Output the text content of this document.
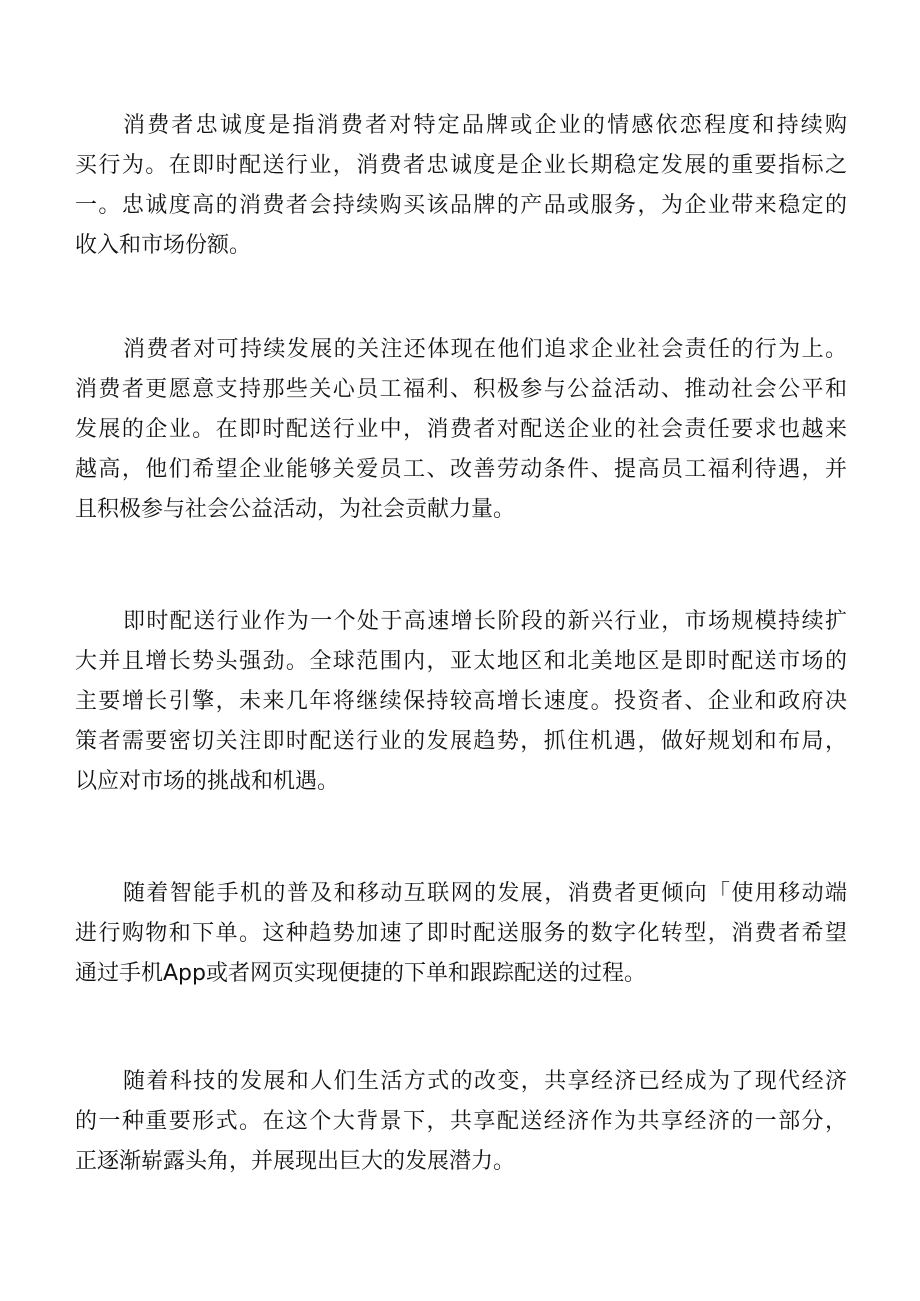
消费者忠诚度是指消费者对特定品牌或企业的情感依恋程度和持续购
买行为。在即时配送行业，消费者忠诚度是企业长期稳定发展的重要指标之
一。忠诚度高的消费者会持续购买该品牌的产品或服务，为企业带来稳定的
收入和市场份额。
消费者对可持续发展的关注还体现在他们追求企业社会责任的行为上。
消费者更愿意支持那些关心员工福利、积极参与公益活动、推动社会公平和
发展的企业。在即时配送行业中，消费者对配送企业的社会责任要求也越来
越高，他们希望企业能够关爱员工、改善劳动条件、提高员工福利待遇，并
且积极参与社会公益活动，为社会贡献力量。
即时配送行业作为一个处于高速增长阶段的新兴行业，市场规模持续扩
大并且增长势头强劲。全球范围内，亚太地区和北美地区是即时配送市场的
主要增长引擎，未来几年将继续保持较高增长速度。投资者、企业和政府决
策者需要密切关注即时配送行业的发展趋势，抓住机遇，做好规划和布局，
以应对市场的挑战和机遇。
随着智能手机的普及和移动互联网的发展，消费者更倾向「使用移动端
进行购物和下单。这种趋势加速了即时配送服务的数字化转型，消费者希望
通过手机App或者网页实现便捷的下单和跟踪配送的过程。
随着科技的发展和人们生活方式的改变，共享经济已经成为了现代经济
的一种重要形式。在这个大背景下，共享配送经济作为共享经济的一部分，
正逐渐崭露头角，并展现出巨大的发展潜力。
